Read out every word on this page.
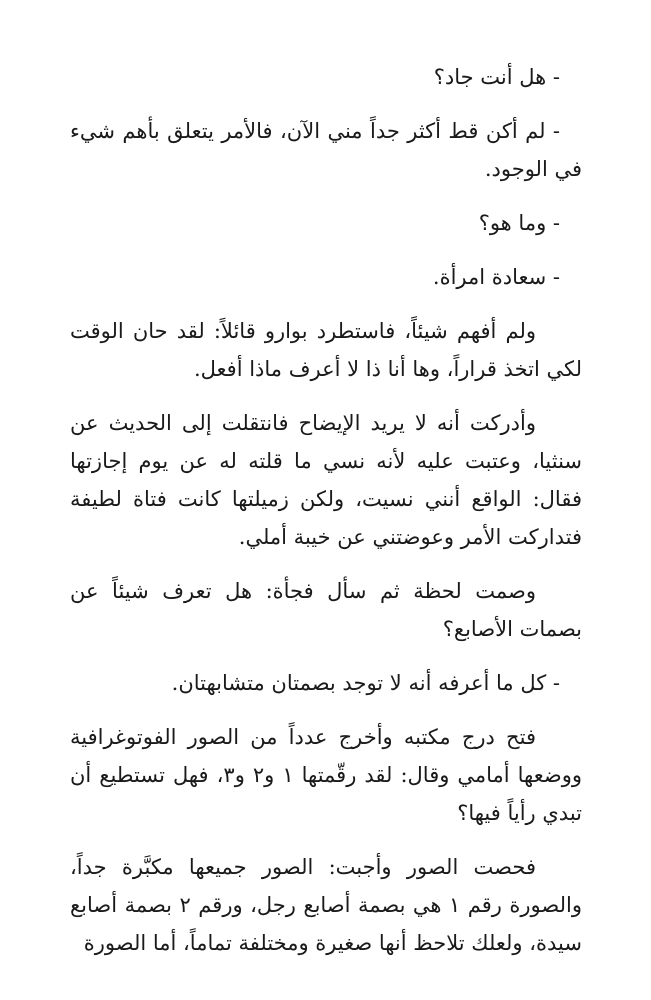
- هل أنت جاد؟

- لم أكن قط أكثر جداً مني الآن، فالأمر يتعلق بأهم شيء في الوجود.

- وما هو؟

- سعادة امرأة.

ولم أفهم شيئاً، فاستطرد بوارو قائلاً: لقد حان الوقت لكي اتخذ قراراً، وها أنا ذا لا أعرف ماذا أفعل.

وأدركت أنه لا يريد الإيضاح فانتقلت إلى الحديث عن سنثيا، وعتبت عليه لأنه نسي ما قلته له عن يوم إجازتها فقال: الواقع أنني نسيت، ولكن زميلتها كانت فتاة لطيفة فتداركت الأمر وعوضتني عن خيبة أملي.

وصمت لحظة ثم سأل فجأة: هل تعرف شيئاً عن بصمات الأصابع؟

- كل ما أعرفه أنه لا توجد بصمتان متشابهتان.

فتح درج مكتبه وأخرج عدداً من الصور الفوتوغرافية ووضعها أمامي وقال: لقد رقّمتها ١ و٢ و٣، فهل تستطيع أن تبدي رأياً فيها؟

فحصت الصور وأجبت: الصور جميعها مكبَّرة جداً، والصورة رقم ١ هي بصمة أصابع رجل، ورقم ٢ بصمة أصابع سيدة، ولعلك تلاحظ أنها صغيرة ومختلفة تماماً، أما الصورة
